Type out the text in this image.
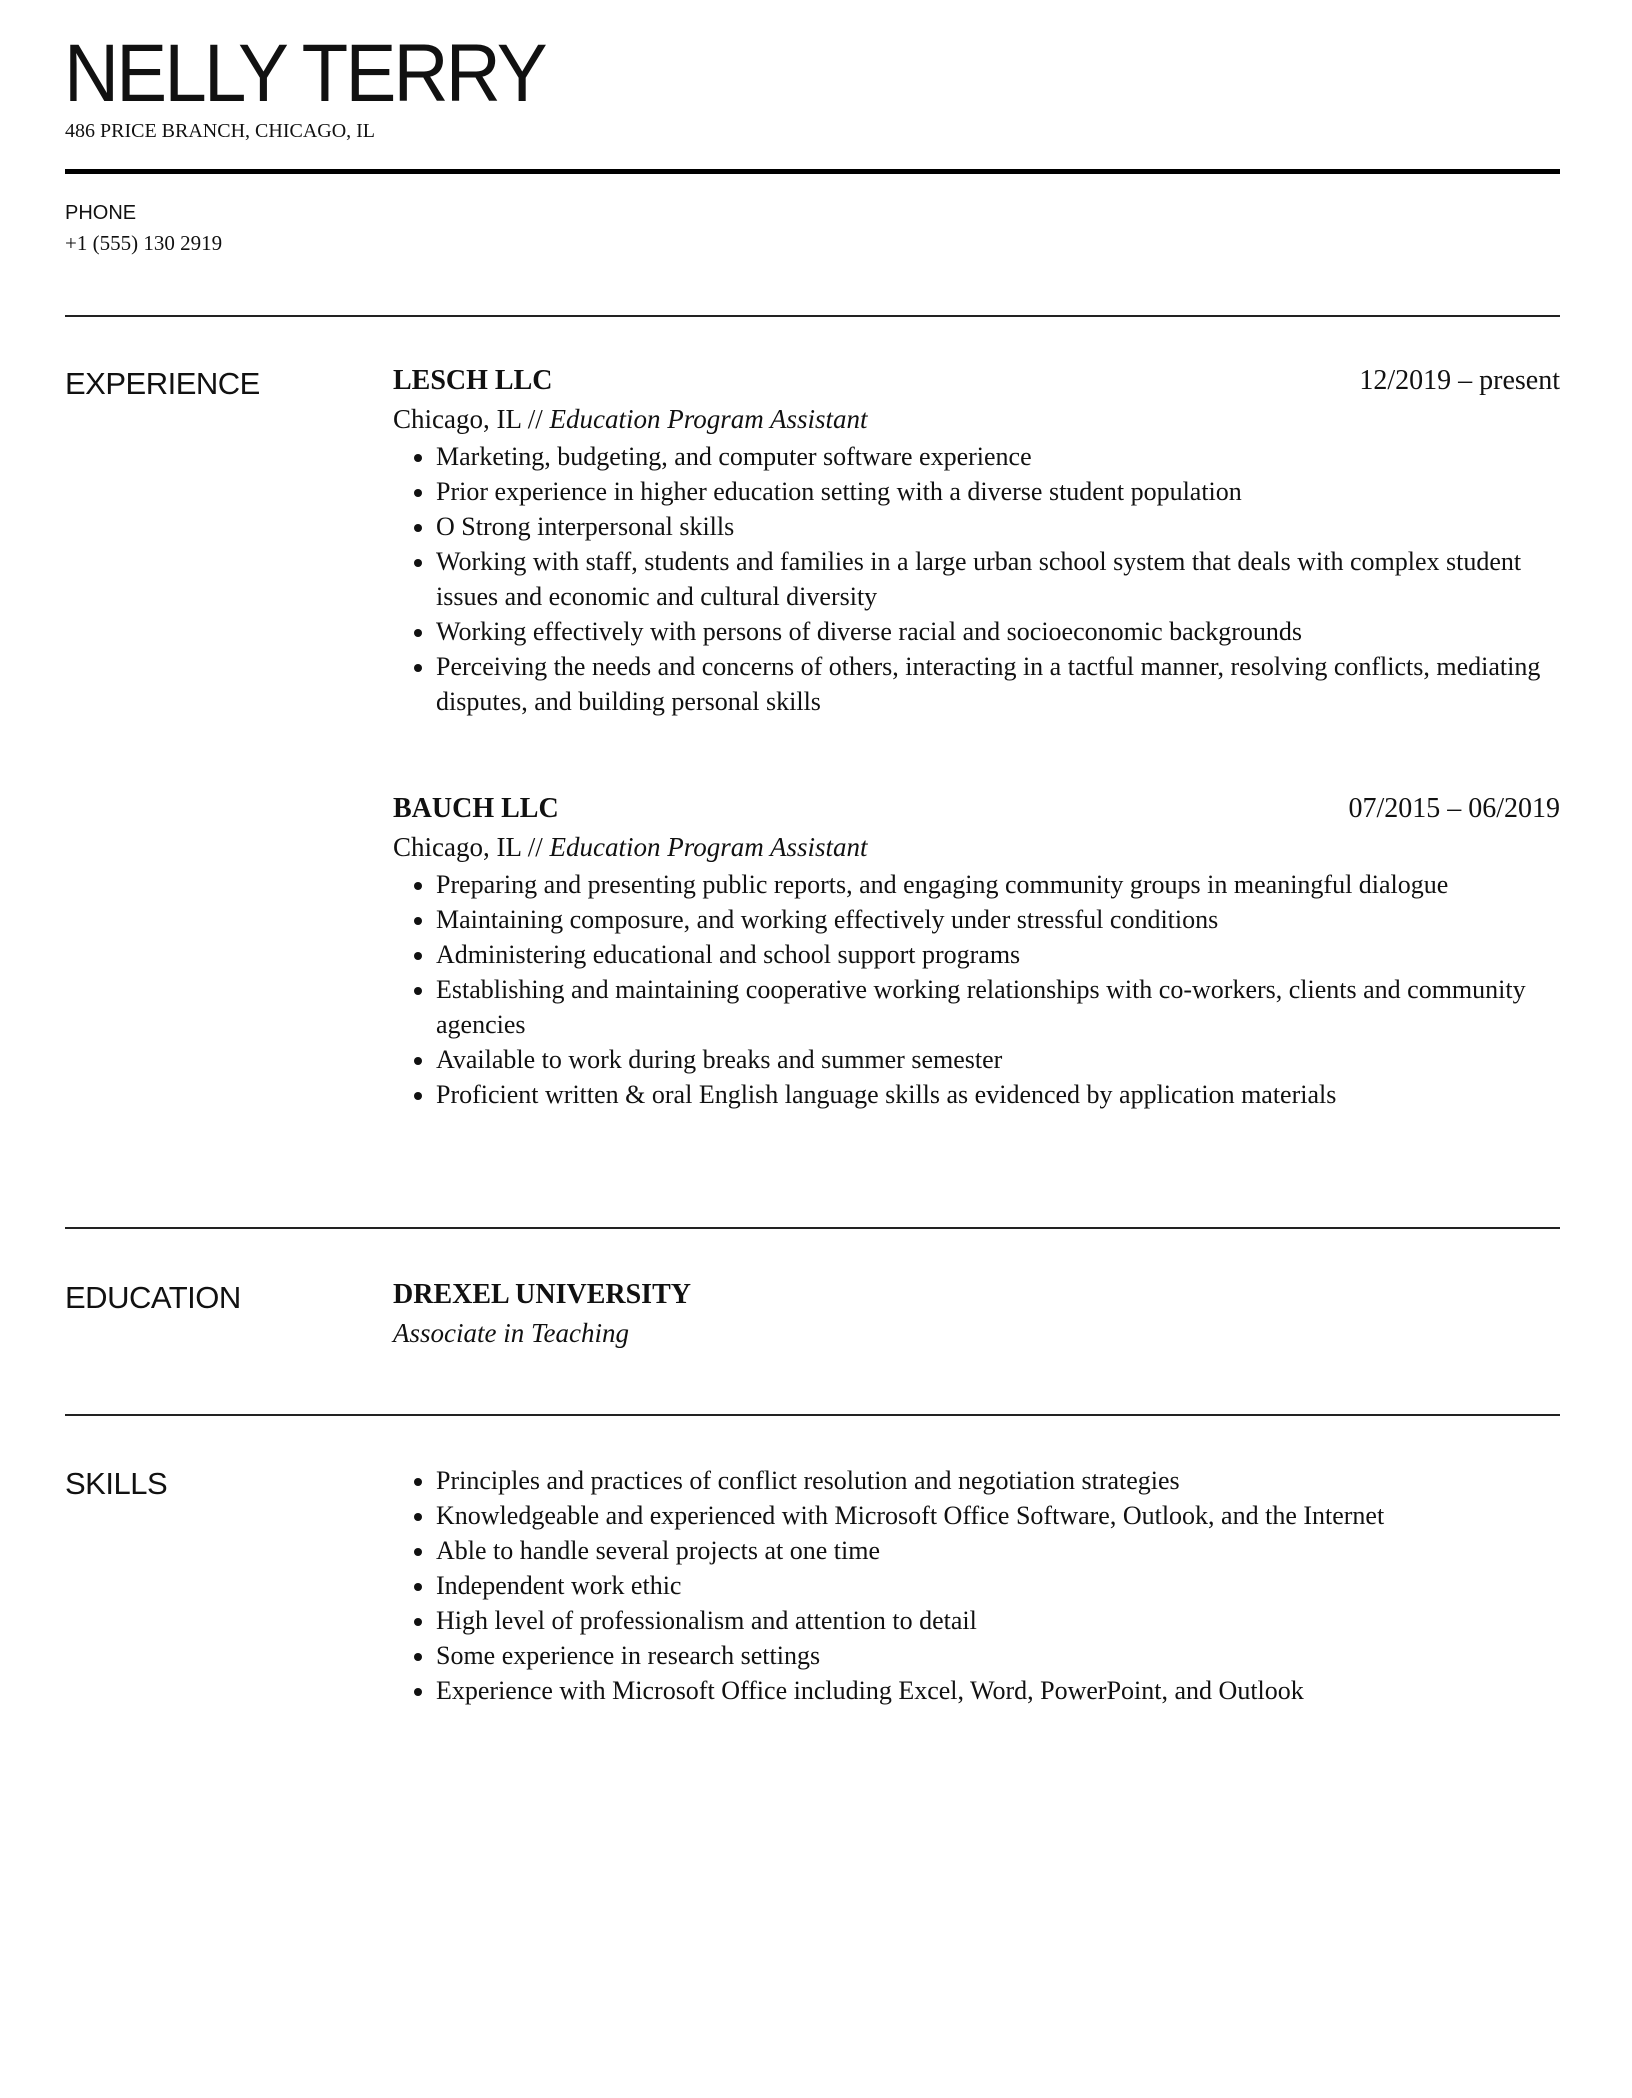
NELLY TERRY
486 PRICE BRANCH, CHICAGO, IL
PHONE
+1 (555) 130 2919
EXPERIENCE	LESCH LLC	12/2019 – present
Chicago, IL // Education Program Assistant
• Marketing, budgeting, and computer software experience
• Prior experience in higher education setting with a diverse student population
• O Strong interpersonal skills
• Working with staff, students and families in a large urban school system that deals with complex student issues and economic and cultural diversity
• Working effectively with persons of diverse racial and socioeconomic backgrounds
• Perceiving the needs and concerns of others, interacting in a tactful manner, resolving conflicts, mediating disputes, and building personal skills
BAUCH LLC	07/2015 – 06/2019
Chicago, IL // Education Program Assistant
• Preparing and presenting public reports, and engaging community groups in meaningful dialogue
• Maintaining composure, and working effectively under stressful conditions
• Administering educational and school support programs
• Establishing and maintaining cooperative working relationships with co-workers, clients and community agencies
• Available to work during breaks and summer semester
• Proficient written & oral English language skills as evidenced by application materials
EDUCATION	DREXEL UNIVERSITY
Associate in Teaching
SKILLS	• Principles and practices of conflict resolution and negotiation strategies
• Knowledgeable and experienced with Microsoft Office Software, Outlook, and the Internet
• Able to handle several projects at one time
• Independent work ethic
• High level of professionalism and attention to detail
• Some experience in research settings
• Experience with Microsoft Office including Excel, Word, PowerPoint, and Outlook
